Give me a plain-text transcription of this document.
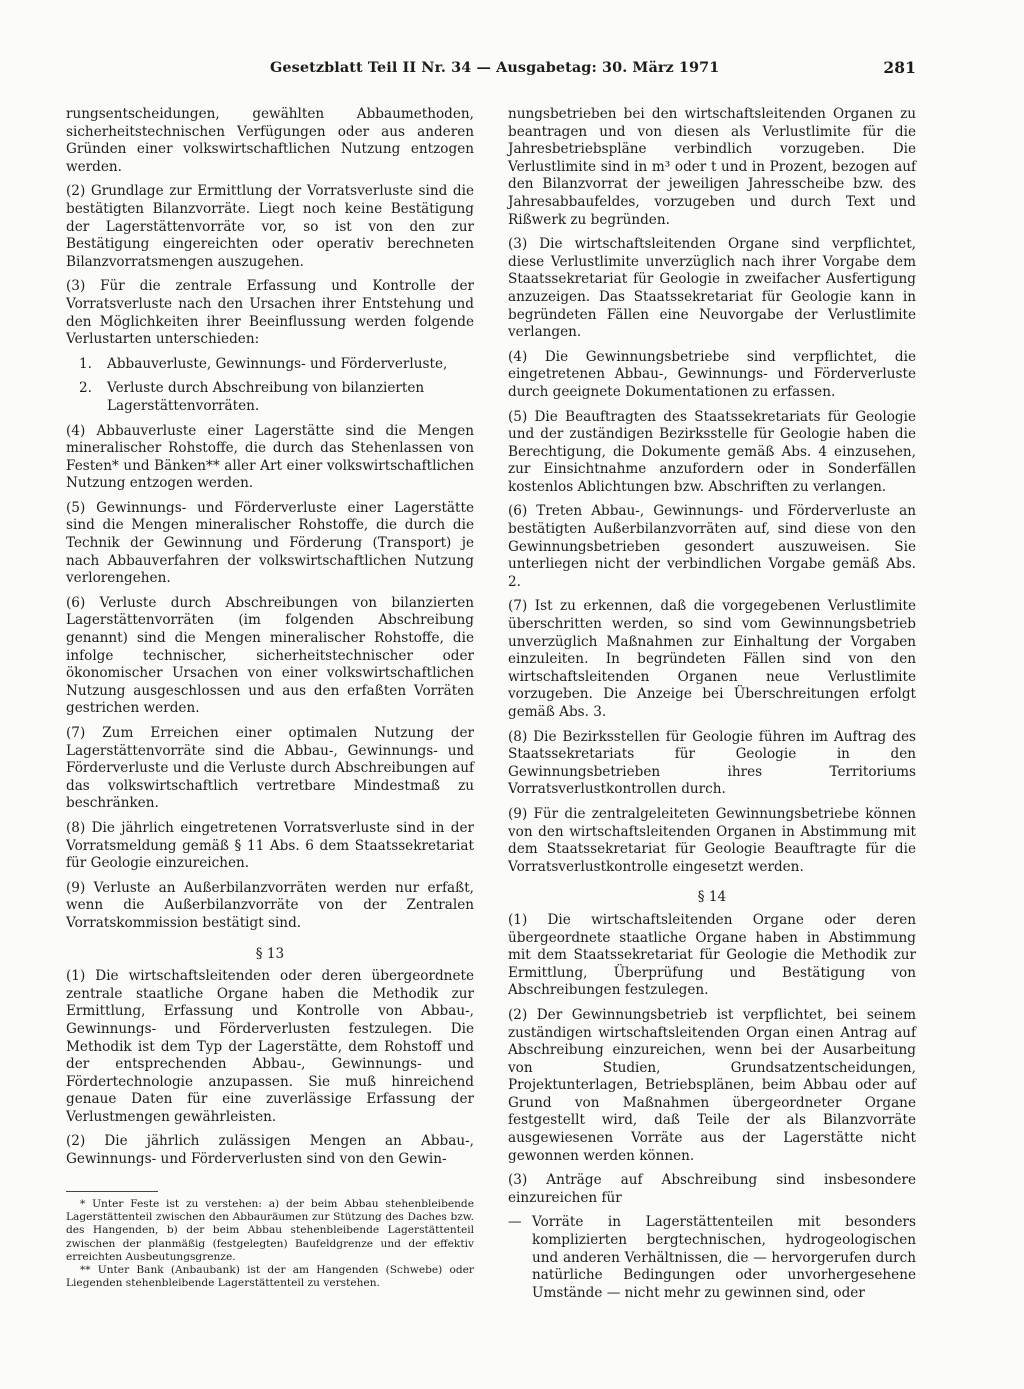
Gesetzblatt Teil II Nr. 34 — Ausgabetag: 30. März 1971	281

rungsentscheidungen, gewählten Abbaumethoden, sicherheitstechnischen Verfügungen oder aus anderen Gründen einer volkswirtschaftlichen Nutzung entzogen werden.

(2) Grundlage zur Ermittlung der Vorratsverluste sind die bestätigten Bilanzvorräte. Liegt noch keine Bestätigung der Lagerstättenvorräte vor, so ist von den zur Bestätigung eingereichten oder operativ berechneten Bilanzvorratsmengen auszugehen.

(3) Für die zentrale Erfassung und Kontrolle der Vorratsverluste nach den Ursachen ihrer Entstehung und den Möglichkeiten ihrer Beeinflussung werden folgende Verlustarten unterschieden:

1.	Abbauverluste, Gewinnungs- und Förderverluste,
2.	Verluste durch Abschreibung von bilanzierten Lagerstättenvorräten.

(4) Abbauverluste einer Lagerstätte sind die Mengen mineralischer Rohstoffe, die durch das Stehenlassen von Festen* und Bänken** aller Art einer volkswirtschaftlichen Nutzung entzogen werden.

(5) Gewinnungs- und Förderverluste einer Lagerstätte sind die Mengen mineralischer Rohstoffe, die durch die Technik der Gewinnung und Förderung (Transport) je nach Abbauverfahren der volkswirtschaftlichen Nutzung verlorengehen.

(6) Verluste durch Abschreibungen von bilanzierten Lagerstättenvorräten (im folgenden Abschreibung genannt) sind die Mengen mineralischer Rohstoffe, die infolge technischer, sicherheitstechnischer oder ökonomischer Ursachen von einer volkswirtschaftlichen Nutzung ausgeschlossen und aus den erfaßten Vorräten gestrichen werden.

(7) Zum Erreichen einer optimalen Nutzung der Lagerstättenvorräte sind die Abbau-, Gewinnungs- und Förderverluste und die Verluste durch Abschreibungen auf das volkswirtschaftlich vertretbare Mindestmaß zu beschränken.

(8) Die jährlich eingetretenen Vorratsverluste sind in der Vorratsmeldung gemäß § 11 Abs. 6 dem Staatssekretariat für Geologie einzureichen.

(9) Verluste an Außerbilanzvorräten werden nur erfaßt, wenn die Außerbilanzvorräte von der Zentralen Vorratskommission bestätigt sind.

§ 13

(1) Die wirtschaftsleitenden oder deren übergeordnete zentrale staatliche Organe haben die Methodik zur Ermittlung, Erfassung und Kontrolle von Abbau-, Gewinnungs- und Förderverlusten festzulegen. Die Methodik ist dem Typ der Lagerstätte, dem Rohstoff und der entsprechenden Abbau-, Gewinnungs- und Fördertechnologie anzupassen. Sie muß hinreichend genaue Daten für eine zuverlässige Erfassung der Verlustmengen gewährleisten.

(2) Die jährlich zulässigen Mengen an Abbau-, Gewinnungs- und Förderverlusten sind von den Gewin-

* Unter Feste ist zu verstehen: a) der beim Abbau stehenbleibende Lagerstättenteil zwischen den Abbauräumen zur Stützung des Daches bzw. des Hangenden, b) der beim Abbau stehenbleibende Lagerstättenteil zwischen der planmäßig (festgelegten) Baufeldgrenze und der effektiv erreichten Ausbeutungsgrenze.

** Unter Bank (Anbaubank) ist der am Hangenden (Schwebe) oder Liegenden stehenbleibende Lagerstättenteil zu verstehen.

nungsbetrieben bei den wirtschaftsleitenden Organen zu beantragen und von diesen als Verlustlimite für die Jahresbetriebspläne verbindlich vorzugeben. Die Verlustlimite sind in m³ oder t und in Prozent, bezogen auf den Bilanzvorrat der jeweiligen Jahresscheibe bzw. des Jahresabbaufeldes, vorzugeben und durch Text und Rißwerk zu begründen.

(3) Die wirtschaftsleitenden Organe sind verpflichtet, diese Verlustlimite unverzüglich nach ihrer Vorgabe dem Staatssekretariat für Geologie in zweifacher Ausfertigung anzuzeigen. Das Staatssekretariat für Geologie kann in begründeten Fällen eine Neuvorgabe der Verlustlimite verlangen.

(4) Die Gewinnungsbetriebe sind verpflichtet, die eingetretenen Abbau-, Gewinnungs- und Förderverluste durch geeignete Dokumentationen zu erfassen.

(5) Die Beauftragten des Staatssekretariats für Geologie und der zuständigen Bezirksstelle für Geologie haben die Berechtigung, die Dokumente gemäß Abs. 4 einzusehen, zur Einsichtnahme anzufordern oder in Sonderfällen kostenlos Ablichtungen bzw. Abschriften zu verlangen.

(6) Treten Abbau-, Gewinnungs- und Förderverluste an bestätigten Außerbilanzvorräten auf, sind diese von den Gewinnungsbetrieben gesondert auszuweisen. Sie unterliegen nicht der verbindlichen Vorgabe gemäß Abs. 2.

(7) Ist zu erkennen, daß die vorgegebenen Verlustlimite überschritten werden, so sind vom Gewinnungsbetrieb unverzüglich Maßnahmen zur Einhaltung der Vorgaben einzuleiten. In begründeten Fällen sind von den wirtschaftsleitenden Organen neue Verlustlimite vorzugeben. Die Anzeige bei Überschreitungen erfolgt gemäß Abs. 3.

(8) Die Bezirksstellen für Geologie führen im Auftrag des Staatssekretariats für Geologie in den Gewinnungsbetrieben ihres Territoriums Vorratsverlustkontrollen durch.

(9) Für die zentralgeleiteten Gewinnungsbetriebe können von den wirtschaftsleitenden Organen in Abstimmung mit dem Staatssekretariat für Geologie Beauftragte für die Vorratsverlustkontrolle eingesetzt werden.

§ 14

(1) Die wirtschaftsleitenden Organe oder deren übergeordnete staatliche Organe haben in Abstimmung mit dem Staatssekretariat für Geologie die Methodik zur Ermittlung, Überprüfung und Bestätigung von Abschreibungen festzulegen.

(2) Der Gewinnungsbetrieb ist verpflichtet, bei seinem zuständigen wirtschaftsleitenden Organ einen Antrag auf Abschreibung einzureichen, wenn bei der Ausarbeitung von Studien, Grundsatzentscheidungen, Projektunterlagen, Betriebsplänen, beim Abbau oder auf Grund von Maßnahmen übergeordneter Organe festgestellt wird, daß Teile der als Bilanzvorräte ausgewiesenen Vorräte aus der Lagerstätte nicht gewonnen werden können.

(3) Anträge auf Abschreibung sind insbesondere einzureichen für

— Vorräte in Lagerstättenteilen mit besonders komplizierten bergtechnischen, hydrogeologischen und anderen Verhältnissen, die — hervorgerufen durch natürliche Bedingungen oder unvorhergesehene Umstände — nicht mehr zu gewinnen sind, oder
